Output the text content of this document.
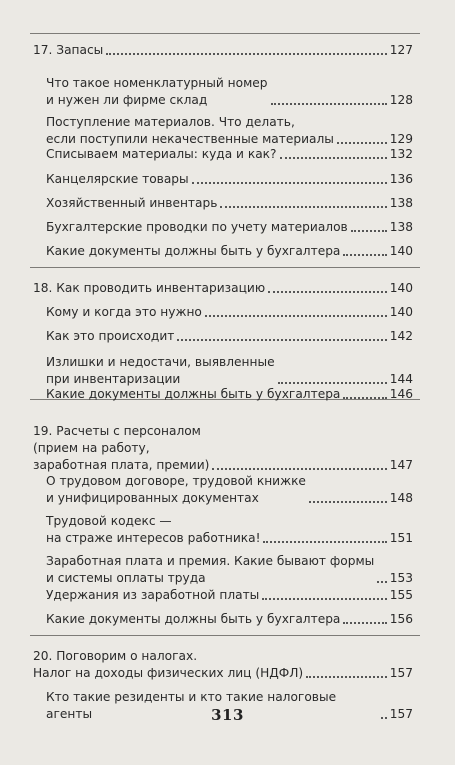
17. Запасы	127
Что такое номенклатурный номер
и нужен ли фирме склад	128
Поступление материалов. Что делать,
если поступили некачественные материалы	129
Списываем материалы: куда и как?	132
Канцелярские товары	136
Хозяйственный инвентарь	138
Бухгалтерские проводки по учету материалов	138
Какие документы должны быть у бухгалтера	140
18. Как проводить инвентаризацию	140
Кому и когда это нужно	140
Как это происходит	142
Излишки и недостачи, выявленные
при инвентаризации	144
Какие документы должны быть у бухгалтера	146
19. Расчеты с персоналом
(прием на работу,
заработная плата, премии)	147
О трудовом договоре, трудовой книжке
и унифицированных документах	148
Трудовой кодекс —
на страже интересов работника!	151
Заработная плата и премия. Какие бывают формы
и системы оплаты труда	153
Удержания из заработной платы	155
Какие документы должны быть у бухгалтера	156
20. Поговорим о налогах.
Налог на доходы физических лиц (НДФЛ)	157
Кто такие резиденты и кто такие налоговые агенты	157
313
